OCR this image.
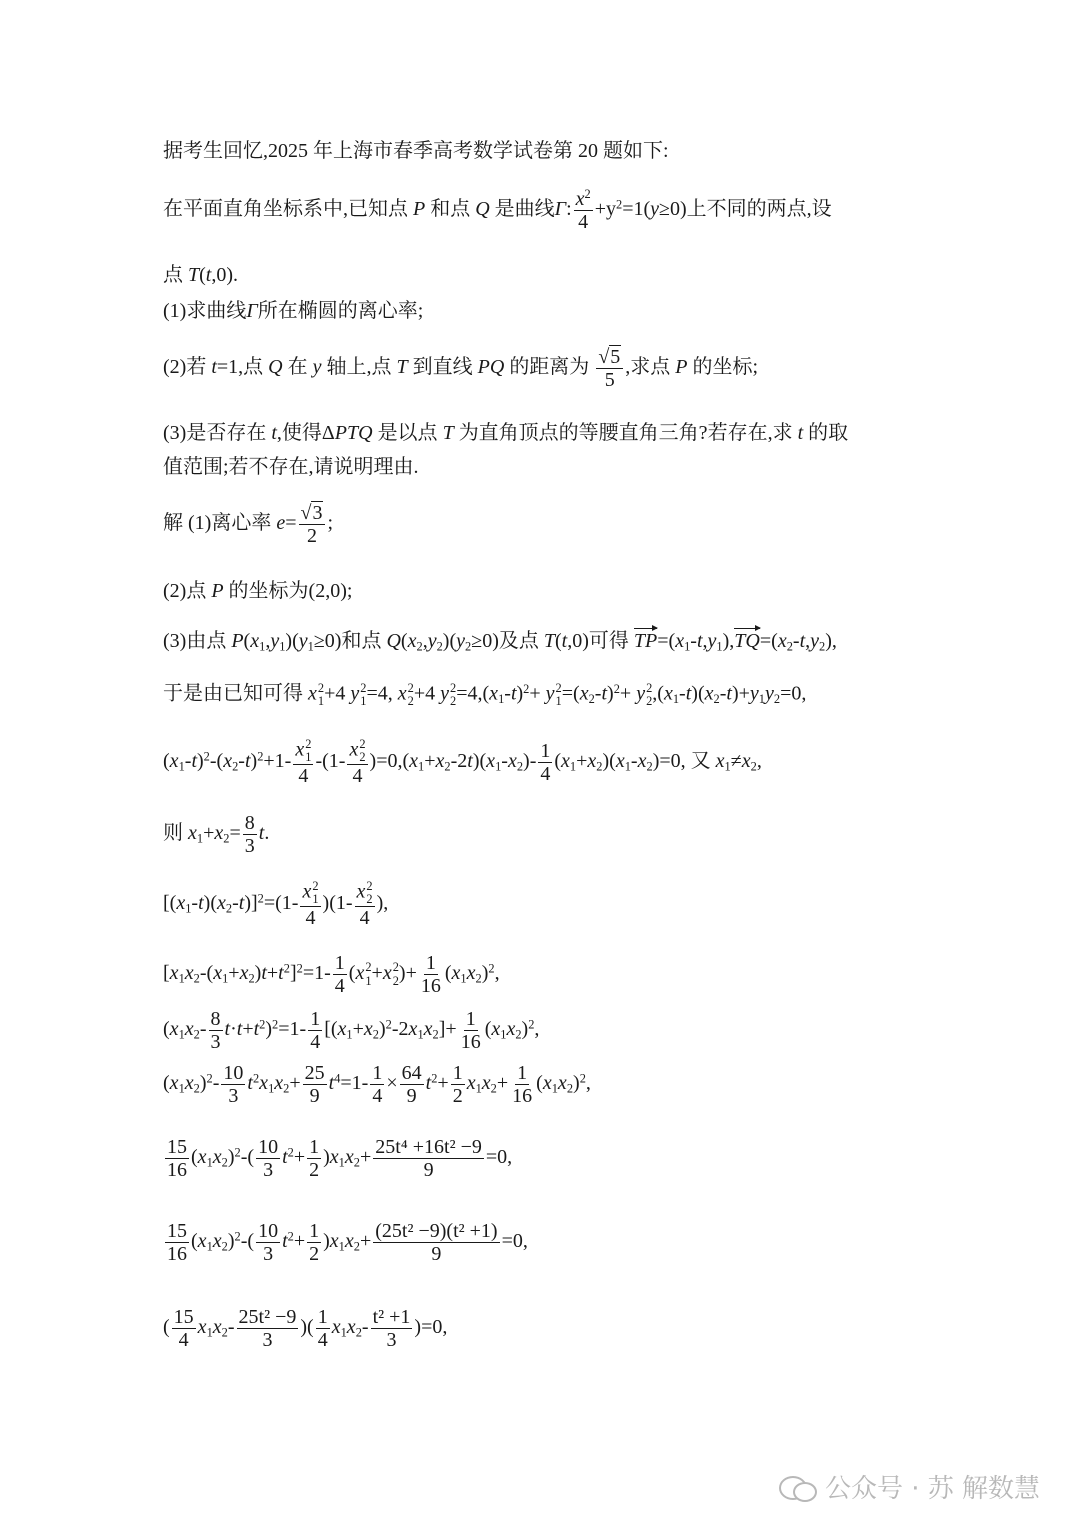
据考生回忆,2025 年上海市春季高考数学试卷第 20 题如下:
在平面直角坐标系中,已知点 P 和点 Q 是曲线Γ: $\frac{x^2}{4} +y^2=1(y\ge 0)$上不同的两点,设
点 T(t,0).
(1)求曲线Γ所在椭圆的离心率;
(2)若 t=1,点 Q 在 y 轴上,点 T 到直线 PQ 的距离为 $\frac{√5}{5}$ ,求点 P 的坐标;
(3)是否存在 t,使得ΔPTQ 是以点 T 为直角顶点的等腰直角三角?若存在,求 t 的取
值范围;若不存在,请说明理由.
解 (1)离心率 $e= \frac{√3}{2}$ ;
(2)点 P 的坐标为(2,0);
(3)由点 $P(x_1,y_1)(y_1\ge 0)$和点 $Q(x_2,y_2)(y_2\ge 0)$及点 T(t,0)可得 $TP=(x_1-t,y_1),TQ=(x_2-t,y_2)$,
于是由已知可得 x 2
1 +4 y 2
1 =4, x 2
2 +4 y 2
$2 =4,(x_1-t)^2+ y$ 2
$1 =(x_2-t)^2+ y$ 2
2 $,(x_1-t)(x_2-t)+y_1y_2=0$,
$(x_1-t)^2-(x_2-t)^2+1-$ x 2
1
4 -(1- x 2
2
4 )$=0,(x_1+x_2-2t)(x_1-x_2)- \frac{1}{4} (x_1+x_2)(x_1-x_2)=0$, 又 $x_1\ne x_2$,
则 $x_1+x_2= \frac{8}{3} t$.
$[(x_1-t)(x_2-t)]^2=(1-$ x 2
1
4 )(1- x 2
2
4 ),
$[x_1x_2-(x_1+x_2)t+t^2]^2=1- \frac{1}{4} (x$ 2
1 +x 2
2 )+ $\frac{1}{16} (x_1x_2)^2$,
$(x_1x_2- \frac{8}{3} t\cdot t+t^2)^2=1- \frac{1}{4} [(x_1+x_2)^2-2x_1x_2]+ \frac{1}{16} (x_1x_2)^2$,
$(x_1x_2)^2- \frac{10}{3} t^2x_1x_2+ \frac{25}{9} t^4=1- \frac{1}{4} \times \frac{64}{9} t^2+ \frac{1}{2} x_1x_2+ \frac{1}{16} (x_1x_2)^2$,
$\frac{15}{16} (x_1x_2)^2-( \frac{10}{3} t^2+ \frac{1}{2} )x_1x_2+ \frac{\text{25t⁴ +16t² −9}}{9} =0$,
$\frac{15}{16} (x_1x_2)^2-( \frac{10}{3} t^2+ \frac{1}{2} )x_1x_2+ \frac{\text{(25t² −9)(t² +1)}}{9} =0$,
( $\frac{15}{4} x_1x_2- \frac{\text{25t² −9}}{3}$ )( $\frac{1}{4} x_1x_2- \frac{\text{t² +1}}{3} )=0$,
公众号 · 苏 解数慧
